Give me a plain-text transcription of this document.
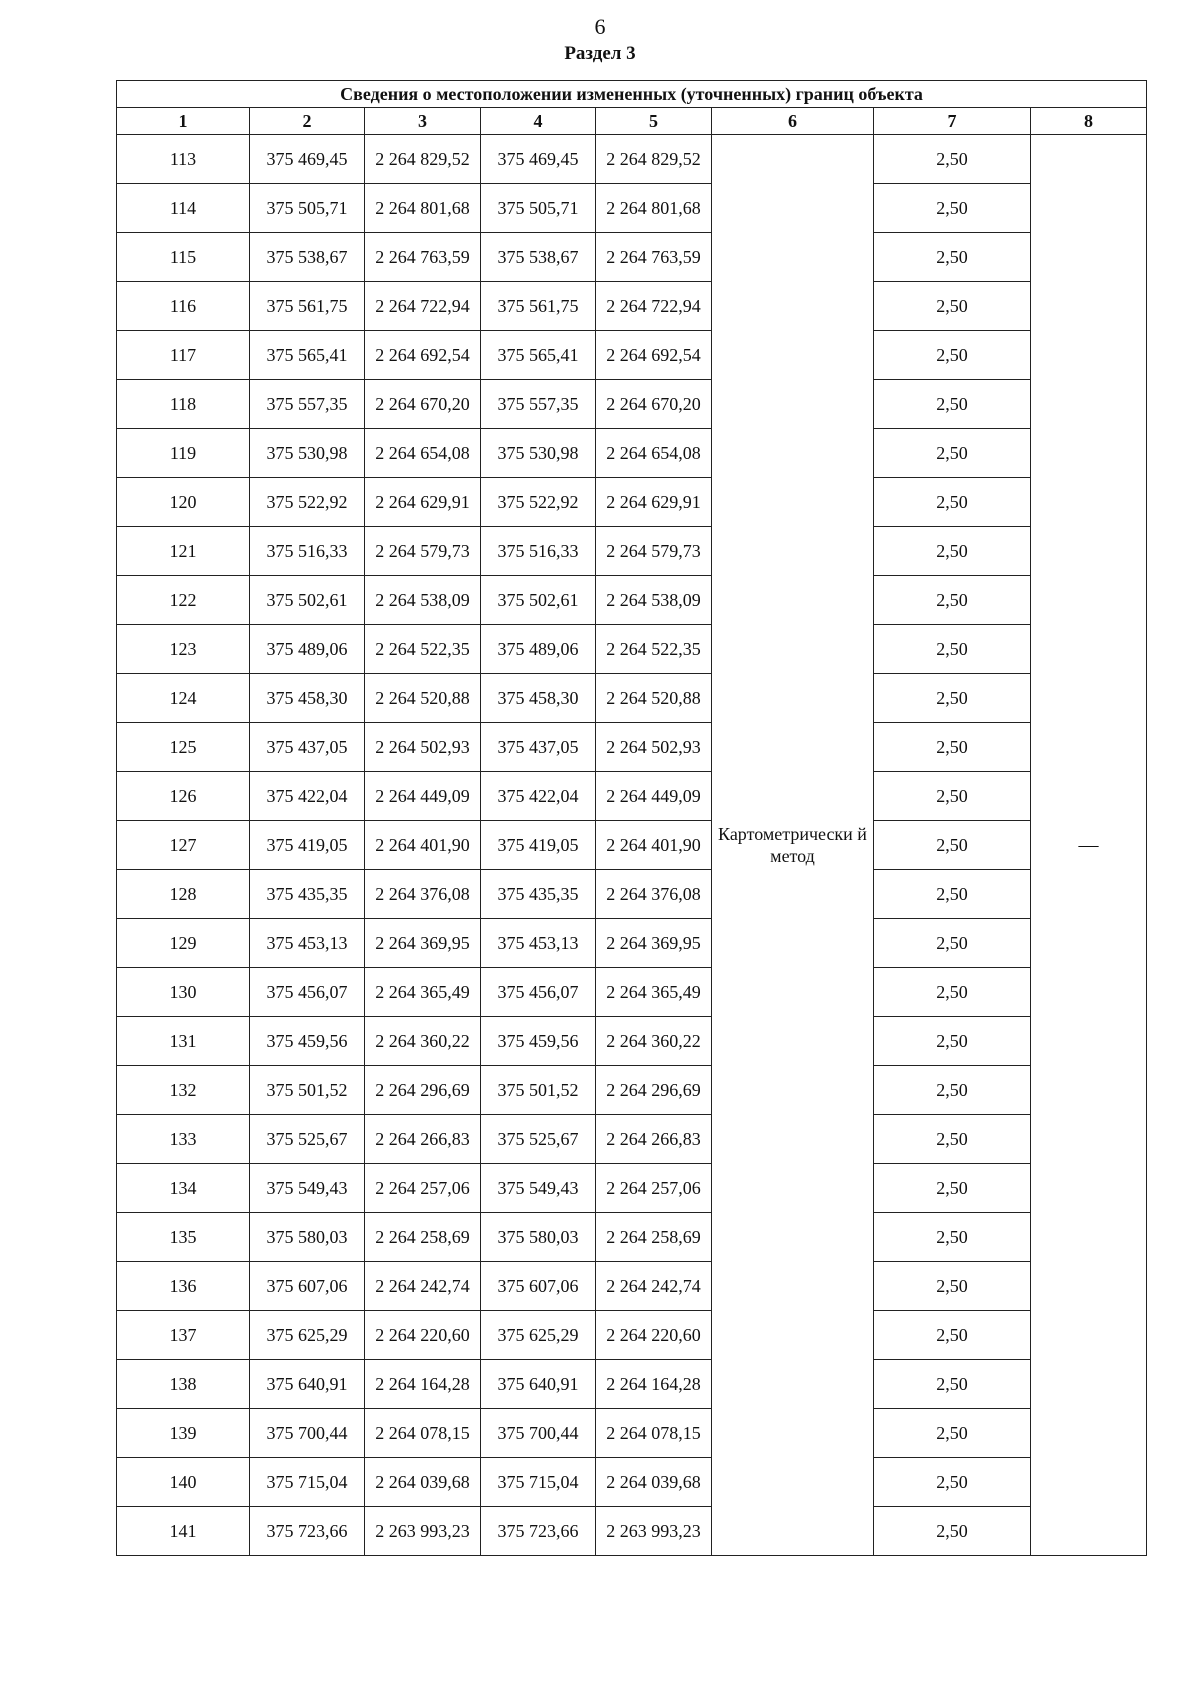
6
Раздел 3
Сведения о местоположении измененных (уточненных) границ объекта							
1	2	3	4	5	6	7	8
113	375 469,45	2 264 829,52	375 469,45	2 264 829,52	Картометрически й метод	2,50	—
114	375 505,71	2 264 801,68	375 505,71	2 264 801,68		2,50	
115	375 538,67	2 264 763,59	375 538,67	2 264 763,59		2,50	
116	375 561,75	2 264 722,94	375 561,75	2 264 722,94		2,50	
117	375 565,41	2 264 692,54	375 565,41	2 264 692,54		2,50	
118	375 557,35	2 264 670,20	375 557,35	2 264 670,20		2,50	
119	375 530,98	2 264 654,08	375 530,98	2 264 654,08		2,50	
120	375 522,92	2 264 629,91	375 522,92	2 264 629,91		2,50	
121	375 516,33	2 264 579,73	375 516,33	2 264 579,73		2,50	
122	375 502,61	2 264 538,09	375 502,61	2 264 538,09		2,50	
123	375 489,06	2 264 522,35	375 489,06	2 264 522,35		2,50	
124	375 458,30	2 264 520,88	375 458,30	2 264 520,88		2,50	
125	375 437,05	2 264 502,93	375 437,05	2 264 502,93		2,50	
126	375 422,04	2 264 449,09	375 422,04	2 264 449,09		2,50	
127	375 419,05	2 264 401,90	375 419,05	2 264 401,90		2,50	
128	375 435,35	2 264 376,08	375 435,35	2 264 376,08		2,50	
129	375 453,13	2 264 369,95	375 453,13	2 264 369,95		2,50	
130	375 456,07	2 264 365,49	375 456,07	2 264 365,49		2,50	
131	375 459,56	2 264 360,22	375 459,56	2 264 360,22		2,50	
132	375 501,52	2 264 296,69	375 501,52	2 264 296,69		2,50	
133	375 525,67	2 264 266,83	375 525,67	2 264 266,83		2,50	
134	375 549,43	2 264 257,06	375 549,43	2 264 257,06		2,50	
135	375 580,03	2 264 258,69	375 580,03	2 264 258,69		2,50	
136	375 607,06	2 264 242,74	375 607,06	2 264 242,74		2,50	
137	375 625,29	2 264 220,60	375 625,29	2 264 220,60		2,50	
138	375 640,91	2 264 164,28	375 640,91	2 264 164,28		2,50	
139	375 700,44	2 264 078,15	375 700,44	2 264 078,15		2,50	
140	375 715,04	2 264 039,68	375 715,04	2 264 039,68		2,50	
141	375 723,66	2 263 993,23	375 723,66	2 263 993,23		2,50	
